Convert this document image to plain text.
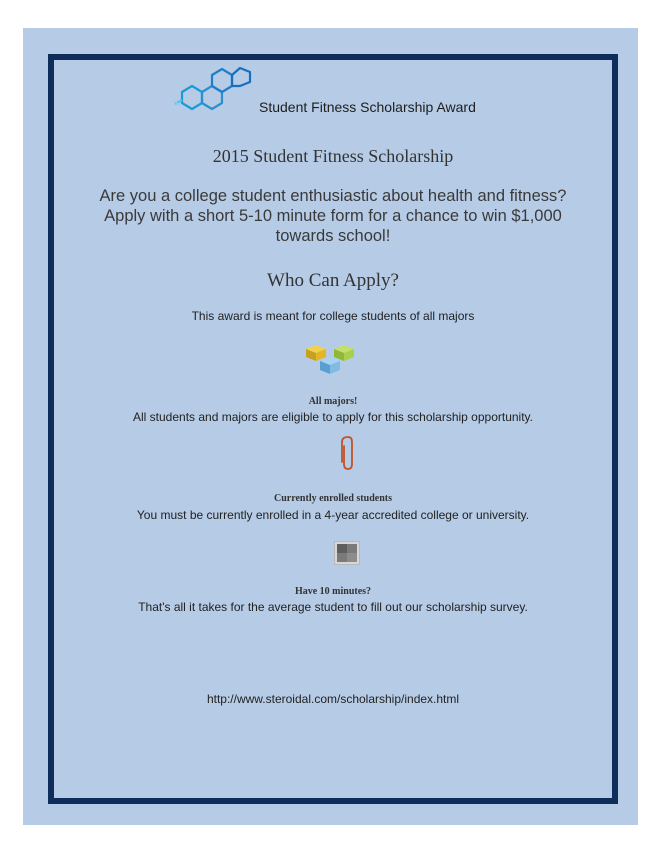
Student Fitness Scholarship Award
2015 Student Fitness Scholarship
Are you a college student enthusiastic about health and fitness? Apply with a short 5-10 minute form for a chance to win $1,000 towards school!
Who Can Apply?
This award is meant for college students of all majors
All majors!
All students and majors are eligible to apply for this scholarship opportunity.
Currently enrolled students
You must be currently enrolled in a 4-year accredited college or university.
Have 10 minutes?
That's all it takes for the average student to fill out our scholarship survey.
http://www.steroidal.com/scholarship/index.html
